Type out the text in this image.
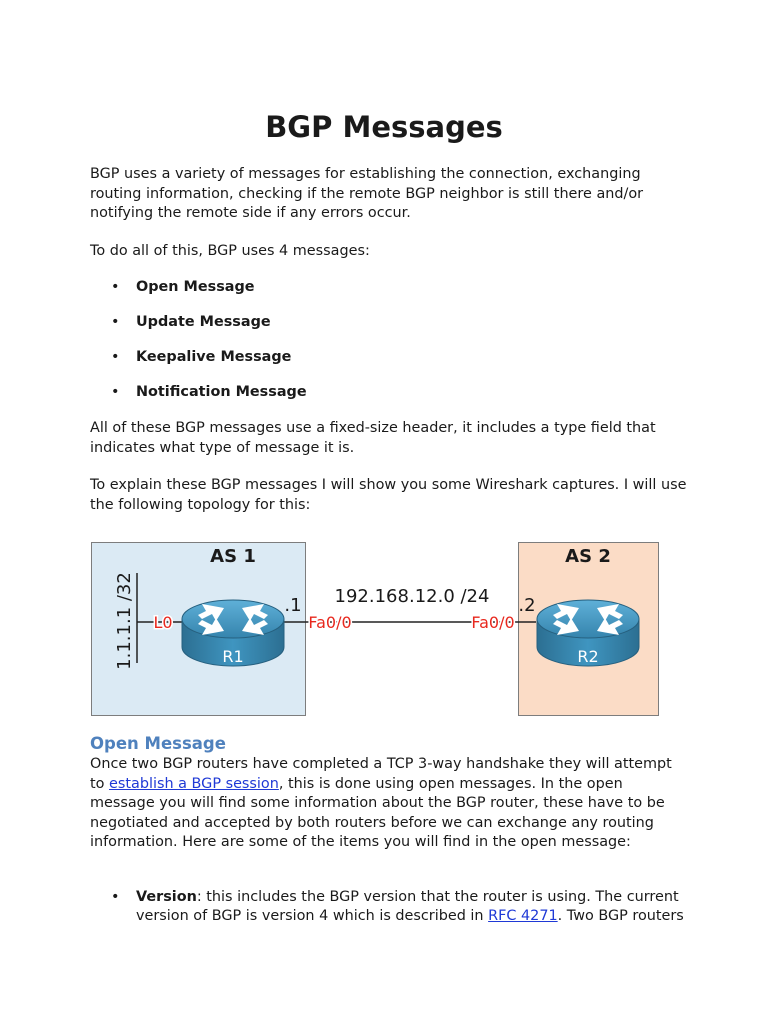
BGP Messages

BGP uses a variety of messages for establishing the connection, exchanging routing information, checking if the remote BGP neighbor is still there and/or notifying the remote side if any errors occur.

To do all of this, BGP uses 4 messages:

• Open Message
• Update Message
• Keepalive Message
• Notification Message

All of these BGP messages use a fixed-size header, it includes a type field that indicates what type of message it is.

To explain these BGP messages I will show you some Wireshark captures. I will use the following topology for this:

AS 1	AS 2
1.1.1.1 /32 L0
192.168.12.0 /24
R1
.1
Fa0/0
R2
.2
Fa0/0
Open Message

Once two BGP routers have completed a TCP 3-way handshake they will attempt to establish a BGP session, this is done using open messages. In the open message you will find some information about the BGP router, these have to be negotiated and accepted by both routers before we can exchange any routing information. Here are some of the items you will find in the open message:

• Version: this includes the BGP version that the router is using. The current version of BGP is version 4 which is described in RFC 4271. Two BGP routers
